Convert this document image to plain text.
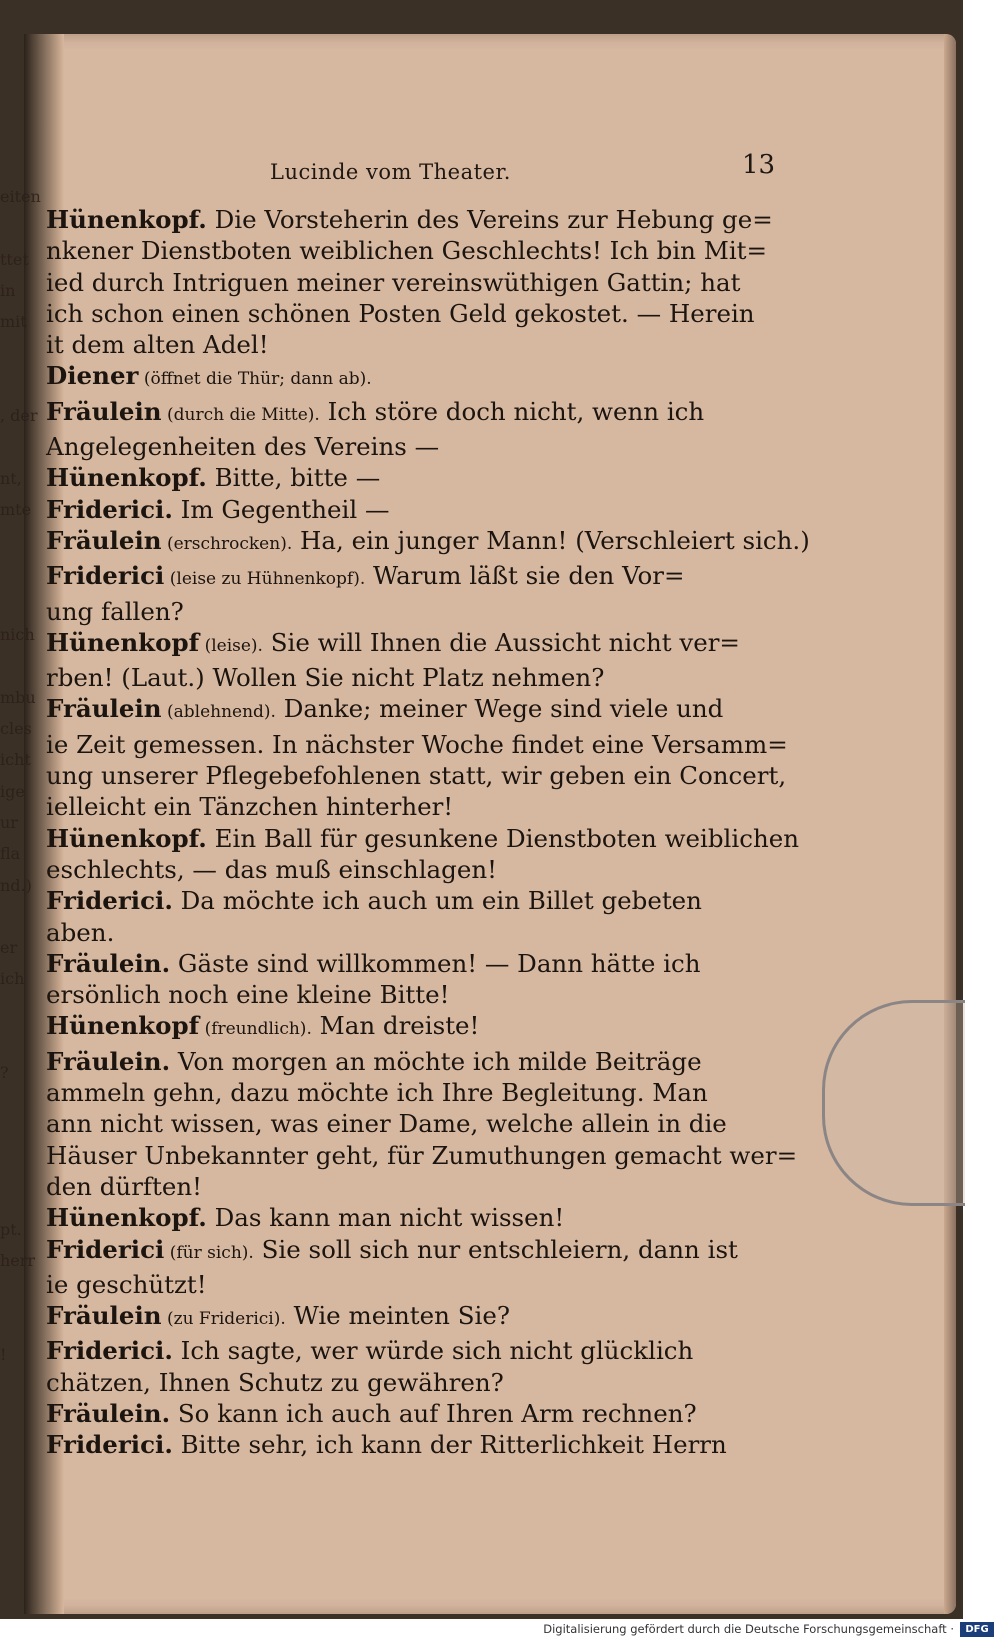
eiten
ttet
in
mit
, der
nt,
mte
nich
mbu
cles
icht
ige
ur
fla
nd.)
er
ich
?
pt.
herr
!
Lucinde vom Theater.	13
Hünenkopf. Die Vorsteherin des Vereins zur Hebung ge=
nkener Dienstboten weiblichen Geschlechts! Ich bin Mit=
ied durch Intriguen meiner vereinswüthigen Gattin; hat
ich schon einen schönen Posten Geld gekostet. — Herein
it dem alten Adel!
Diener (öffnet die Thür; dann ab).
Fräulein (durch die Mitte). Ich störe doch nicht, wenn ich
Angelegenheiten des Vereins —
Hünenkopf. Bitte, bitte —
Friderici. Im Gegentheil —
Fräulein (erschrocken). Ha, ein junger Mann! (Verschleiert sich.)
Friderici (leise zu Hühnenkopf). Warum läßt sie den Vor=
ung fallen?
Hünenkopf (leise). Sie will Ihnen die Aussicht nicht ver=
rben! (Laut.) Wollen Sie nicht Platz nehmen?
Fräulein (ablehnend). Danke; meiner Wege sind viele und
ie Zeit gemessen. In nächster Woche findet eine Versamm=
ung unserer Pflegebefohlenen statt, wir geben ein Concert,
ielleicht ein Tänzchen hinterher!
Hünenkopf. Ein Ball für gesunkene Dienstboten weiblichen
eschlechts, — das muß einschlagen!
Friderici. Da möchte ich auch um ein Billet gebeten
aben.
Fräulein. Gäste sind willkommen! — Dann hätte ich
ersönlich noch eine kleine Bitte!
Hünenkopf (freundlich). Man dreiste!
Fräulein. Von morgen an möchte ich milde Beiträge
ammeln gehn, dazu möchte ich Ihre Begleitung. Man
ann nicht wissen, was einer Dame, welche allein in die
Häuser Unbekannter geht, für Zumuthungen gemacht wer=
den dürften!
Hünenkopf. Das kann man nicht wissen!
Friderici (für sich). Sie soll sich nur entschleiern, dann ist
ie geschützt!
Fräulein (zu Friderici). Wie meinten Sie?
Friderici. Ich sagte, wer würde sich nicht glücklich
chätzen, Ihnen Schutz zu gewähren?
Fräulein. So kann ich auch auf Ihren Arm rechnen?
Friderici. Bitte sehr, ich kann der Ritterlichkeit Herrn
Digitalisierung gefördert durch die Deutsche Forschungsgemeinschaft ·	DFG
